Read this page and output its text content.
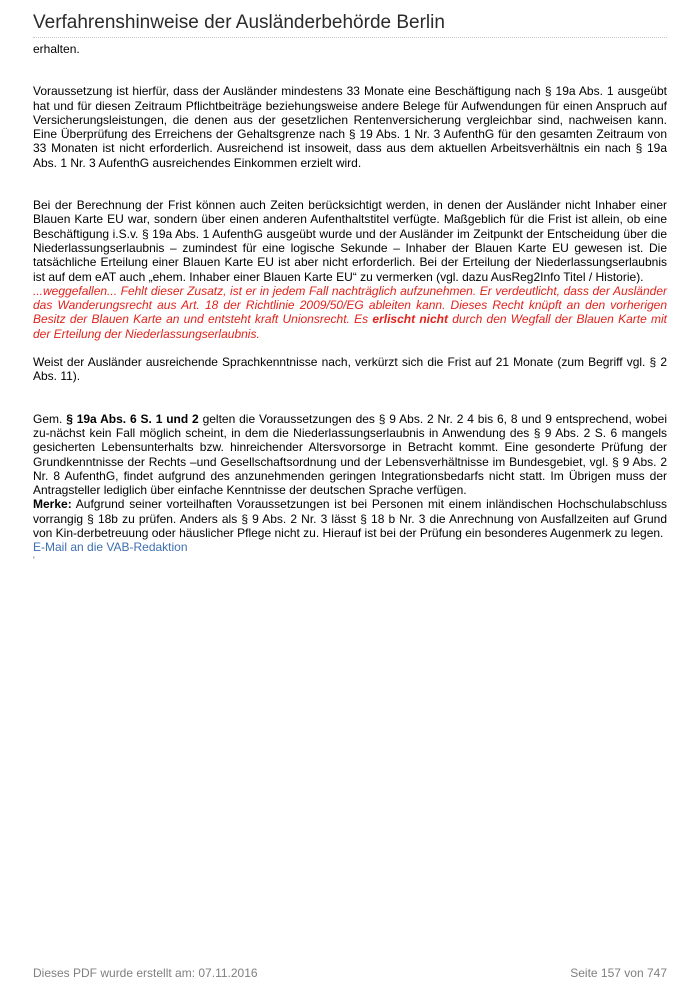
Verfahrenshinweise der Ausländerbehörde Berlin

erhalten.

Voraussetzung ist hierfür, dass der Ausländer mindestens 33 Monate eine Beschäftigung nach § 19a Abs. 1 ausgeübt hat und für diesen Zeitraum Pflichtbeiträge beziehungsweise andere Belege für Aufwendungen für einen Anspruch auf Versicherungsleistungen, die denen aus der gesetzlichen Rentenversicherung vergleichbar sind, nachweisen kann. Eine Überprüfung des Erreichens der Gehaltsgrenze nach § 19 Abs. 1 Nr. 3 AufenthG für den gesamten Zeitraum von 33 Monaten ist nicht erforderlich. Ausreichend ist insoweit, dass aus dem aktuellen Arbeitsverhältnis ein nach § 19a Abs. 1 Nr. 3 AufenthG ausreichendes Einkommen erzielt wird.

Bei der Berechnung der Frist können auch Zeiten berücksichtigt werden, in denen der Ausländer nicht Inhaber einer Blauen Karte EU war, sondern über einen anderen Aufenthaltstitel verfügte. Maßgeblich für die Frist ist allein, ob eine Beschäftigung i.S.v. § 19a Abs. 1 AufenthG ausgeübt wurde und der Ausländer im Zeitpunkt der Entscheidung über die Niederlassungserlaubnis – zumindest für eine logische Sekunde – Inhaber der Blauen Karte EU gewesen ist. Die tatsächliche Erteilung einer Blauen Karte EU ist aber nicht erforderlich. Bei der Erteilung der Niederlassungserlaubnis ist auf dem eAT auch „ehem. Inhaber einer Blauen Karte EU“ zu vermerken (vgl. dazu AusReg2Info Titel / Historie).
...weggefallen... Fehlt dieser Zusatz, ist er in jedem Fall nachträglich aufzunehmen. Er verdeutlicht, dass der Ausländer das Wanderungsrecht aus Art. 18 der Richtlinie 2009/50/EG ableiten kann. Dieses Recht knüpft an den vorherigen Besitz der Blauen Karte an und entsteht kraft Unionsrecht. Es erlischt nicht durch den Wegfall der Blauen Karte mit der Erteilung der Niederlassungserlaubnis.

Weist der Ausländer ausreichende Sprachkenntnisse nach, verkürzt sich die Frist auf 21 Monate (zum Begriff vgl. § 2 Abs. 11).

Gem. § 19a Abs. 6 S. 1 und 2 gelten die Voraussetzungen des § 9 Abs. 2 Nr. 2 4 bis 6, 8 und 9 entsprechend, wobei zu-nächst kein Fall möglich scheint, in dem die Niederlassungserlaubnis in Anwendung des § 9 Abs. 2 S. 6 mangels gesicherten Lebensunterhalts bzw. hinreichender Altersvorsorge in Betracht kommt. Eine gesonderte Prüfung der Grundkenntnisse der Rechts –und Gesellschaftsordnung und der Lebensverhältnisse im Bundesgebiet, vgl. § 9 Abs. 2 Nr. 8 AufenthG, findet aufgrund des anzunehmenden geringen Integrationsbedarfs nicht statt. Im Übrigen muss der Antragsteller lediglich über einfache Kenntnisse der deutschen Sprache verfügen.

Merke: Aufgrund seiner vorteilhaften Voraussetzungen ist bei Personen mit einem inländischen Hochschulabschluss vorrangig § 18b zu prüfen. Anders als § 9 Abs. 2 Nr. 3 lässt § 18 b Nr. 3 die Anrechnung von Ausfallzeiten auf Grund von Kin-derbetreuung oder häuslicher Pflege nicht zu. Hierauf ist bei der Prüfung ein besonderes Augenmerk zu legen.

E-Mail an die VAB-Redaktion
'
Dieses PDF wurde erstellt am: 07.11.2016	Seite 157 von 747
